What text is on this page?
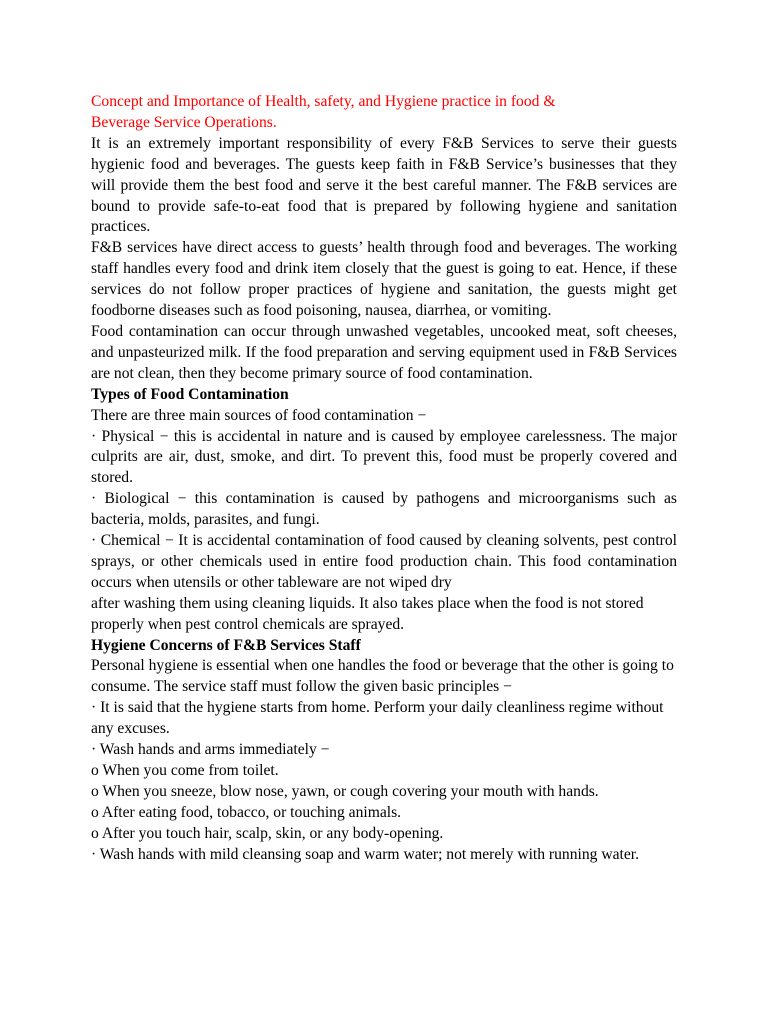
Concept and Importance of Health, safety, and Hygiene practice in food &
Beverage Service Operations.

It is an extremely important responsibility of every F&B Services to serve their guests hygienic food and beverages. The guests keep faith in F&B Service’s businesses that they will provide them the best food and serve it the best careful manner. The F&B services are bound to provide safe-to-eat food that is prepared by following hygiene and sanitation practices.

F&B services have direct access to guests’ health through food and beverages. The working staff handles every food and drink item closely that the guest is going to eat. Hence, if these services do not follow proper practices of hygiene and sanitation, the guests might get foodborne diseases such as food poisoning, nausea, diarrhea, or vomiting.

Food contamination can occur through unwashed vegetables, uncooked meat, soft cheeses, and unpasteurized milk. If the food preparation and serving equipment used in F&B Services are not clean, then they become primary source of food contamination.

Types of Food Contamination

There are three main sources of food contamination −

· Physical − this is accidental in nature and is caused by employee carelessness. The major culprits are air, dust, smoke, and dirt. To prevent this, food must be properly covered and stored.

· Biological − this contamination is caused by pathogens and microorganisms such as bacteria, molds, parasites, and fungi.

· Chemical − It is accidental contamination of food caused by cleaning solvents, pest control sprays, or other chemicals used in entire food production chain. This food contamination occurs when utensils or other tableware are not wiped dry

after washing them using cleaning liquids. It also takes place when the food is not stored properly when pest control chemicals are sprayed.

Hygiene Concerns of F&B Services Staff

Personal hygiene is essential when one handles the food or beverage that the other is going to consume. The service staff must follow the given basic principles −

· It is said that the hygiene starts from home. Perform your daily cleanliness regime without any excuses.

· Wash hands and arms immediately −

o When you come from toilet.

o When you sneeze, blow nose, yawn, or cough covering your mouth with hands.

o After eating food, tobacco, or touching animals.

o After you touch hair, scalp, skin, or any body-opening.

· Wash hands with mild cleansing soap and warm water; not merely with running water.
